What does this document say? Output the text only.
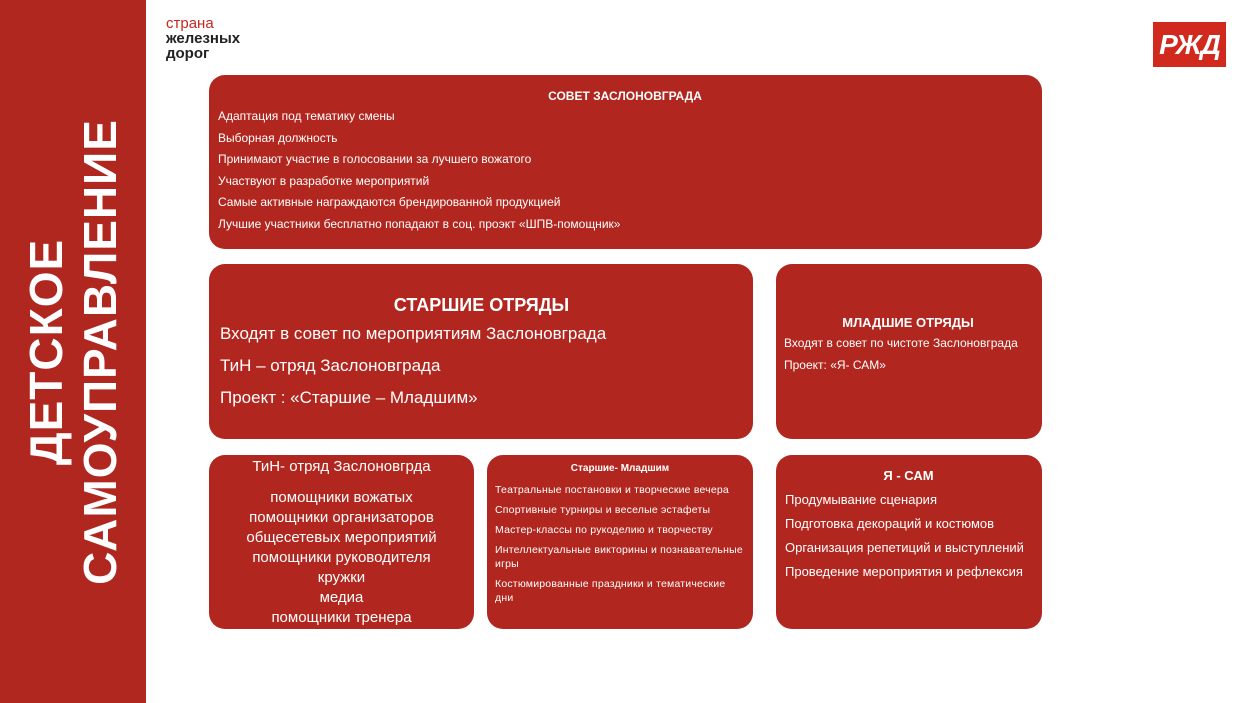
ДЕТСКОЕ САМОУПРАВЛЕНИЕ
страна
железных
дорог	РЖД
СОВЕТ ЗАСЛОНОВГРАДА
Адаптация под тематику смены
Выборная должность
Принимают участие в голосовании за лучшего вожатого
Участвуют в разработке мероприятий
Самые активные награждаются брендированной продукцией
Лучшие участники бесплатно попадают в соц. проэкт «ШПВ-помощник»
СТАРШИЕ ОТРЯДЫ
Входят в совет по мероприятиям Заслоновграда
ТиН – отряд Заслоновграда
Проект : «Старшие – Младшим»
МЛАДШИЕ ОТРЯДЫ
Входят в совет по чистоте Заслоновграда
Проект: «Я- САМ»
ТиН- отряд Заслоновгрда
помощники вожатых
помощники организаторов
общесетевых мероприятий
помощники руководителя
кружки
медиа
помощники тренера
Старшие- Младшим
Театральные постановки и творческие вечера
Спортивные турниры и веселые эстафеты
Мастер-классы по рукоделию и творчеству
Интеллектуальные викторины и познавательные игры
Костюмированные праздники и тематические дни
Я - САМ
Продумывание сценария
Подготовка декораций и костюмов
Организация репетиций и выступлений
Проведение мероприятия и рефлексия
